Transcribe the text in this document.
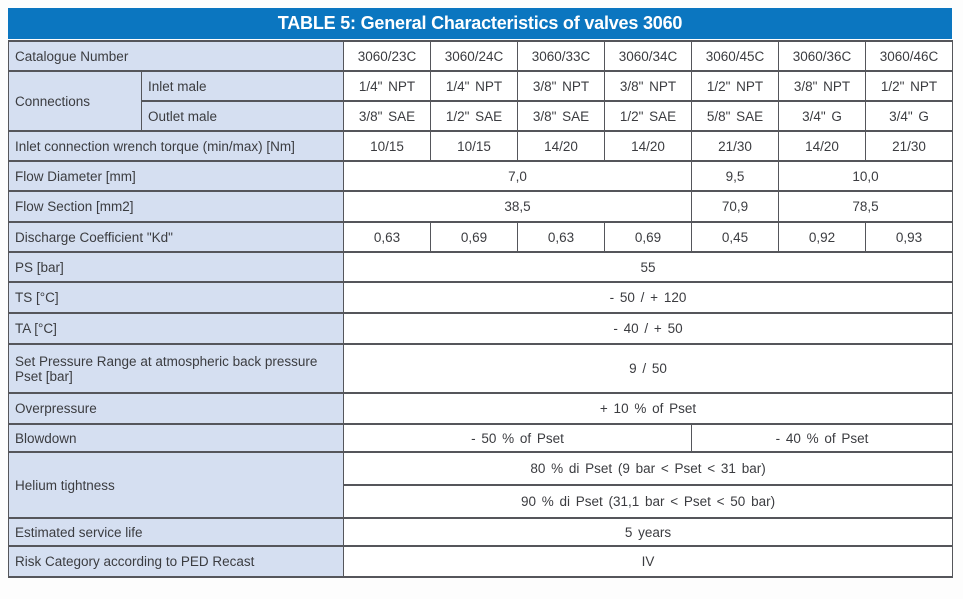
TABLE 5: General Characteristics of valves 3060
Catalogue Number		3060/23C	3060/24C	3060/33C	3060/34C	3060/45C	3060/36C	3060/46C
Connections	Inlet male	1/4" NPT	1/4" NPT	3/8" NPT	3/8" NPT	1/2" NPT	3/8" NPT	1/2" NPT
	Outlet male	3/8" SAE	1/2" SAE	3/8" SAE	1/2" SAE	5/8" SAE	3/4" G	3/4" G
Inlet connection wrench torque (min/max) [Nm]		10/15	10/15	14/20	14/20	21/30	14/20	21/30
Flow Diameter [mm]		7,0				9,5	10,0	
Flow Section [mm2]		38,5				70,9	78,5	
Discharge Coefficient "Kd"		0,63	0,69	0,63	0,69	0,45	0,92	0,93
PS [bar]		55						
TS [°C]		- 50 / + 120						
TA [°C]		- 40 / + 50						
Set Pressure Range at atmospheric back pressure Pset [bar]		9 / 50						
Overpressure		+ 10 % of Pset						
Blowdown		- 50 % of Pset				- 40 % of Pset		
Helium tightness		80 % di Pset (9 bar < Pset < 31 bar)						
		90 % di Pset (31,1 bar < Pset < 50 bar)						
Estimated service life		5 years						
Risk Category according to PED Recast		IV						
